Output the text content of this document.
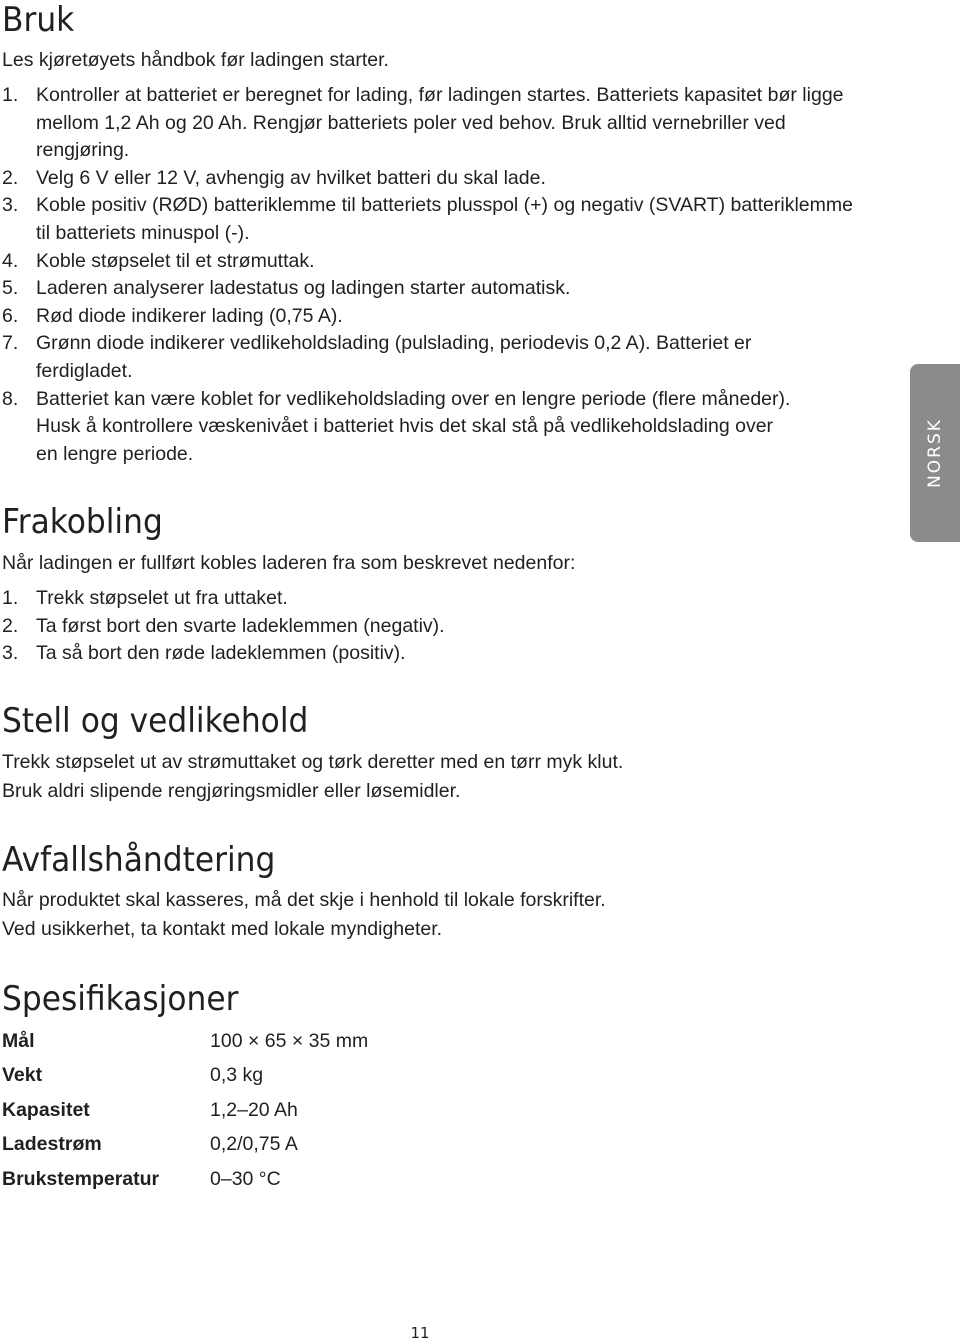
Bruk

Les kjøretøyets håndbok før ladingen starter.

1. Kontroller at batteriet er beregnet for lading, før ladingen startes. Batteriets kapasitet bør ligge mellom 1,2 Ah og 20 Ah. Rengjør batteriets poler ved behov. Bruk alltid vernebriller ved rengjøring.
2. Velg 6 V eller 12 V, avhengig av hvilket batteri du skal lade.
3. Koble positiv (RØD) batteriklemme til batteriets plusspol (+) og negativ (SVART) batteriklemme til batteriets minuspol (-).
4. Koble støpselet til et strømuttak.
5. Laderen analyserer ladestatus og ladingen starter automatisk.
6. Rød diode indikerer lading (0,75 A).
7. Grønn diode indikerer vedlikeholdslading (pulslading, periodevis 0,2 A). Batteriet er ferdigladet.
8. Batteriet kan være koblet for vedlikeholdslading over en lengre periode (flere måneder). Husk å kontrollere væskenivået i batteriet hvis det skal stå på vedlikeholdslading over en lengre periode.
Frakobling

Når ladingen er fullført kobles laderen fra som beskrevet nedenfor:

1. Trekk støpselet ut fra uttaket.
2. Ta først bort den svarte ladeklemmen (negativ).
3. Ta så bort den røde ladeklemmen (positiv).
Stell og vedlikehold
Trekk støpselet ut av strømuttaket og tørk deretter med en tørr myk klut.
Bruk aldri slipende rengjøringsmidler eller løsemidler.
Avfallshåndtering
Når produktet skal kasseres, må det skje i henhold til lokale forskrifter.
Ved usikkerhet, ta kontakt med lokale myndigheter.
Spesifikasjoner
Mål	100 × 65 × 35 mm
Vekt	0,3 kg
Kapasitet	1,2–20 Ah
Ladestrøm	0,2/0,75 A
Brukstemperatur	0–30 °C
NORSK
11
